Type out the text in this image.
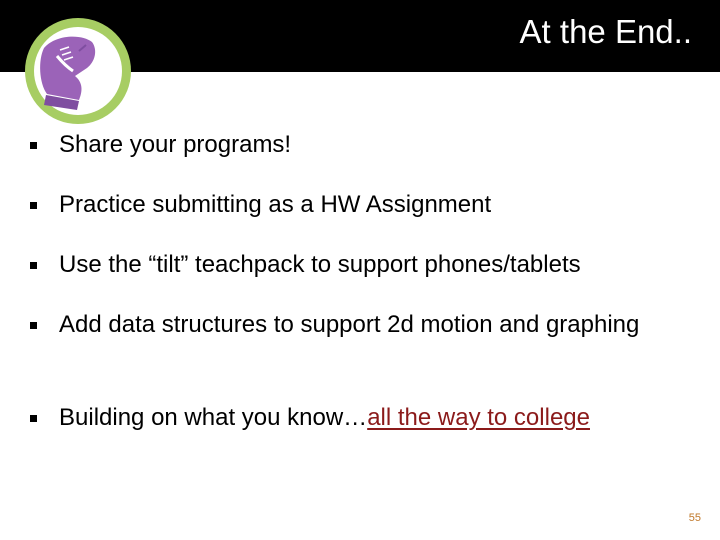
At the End..
Share your programs!
Practice submitting as a HW Assignment
Use the “tilt” teachpack to support phones/tablets
Add data structures to support 2d motion and graphing
Building on what you know…all the way to college
55
